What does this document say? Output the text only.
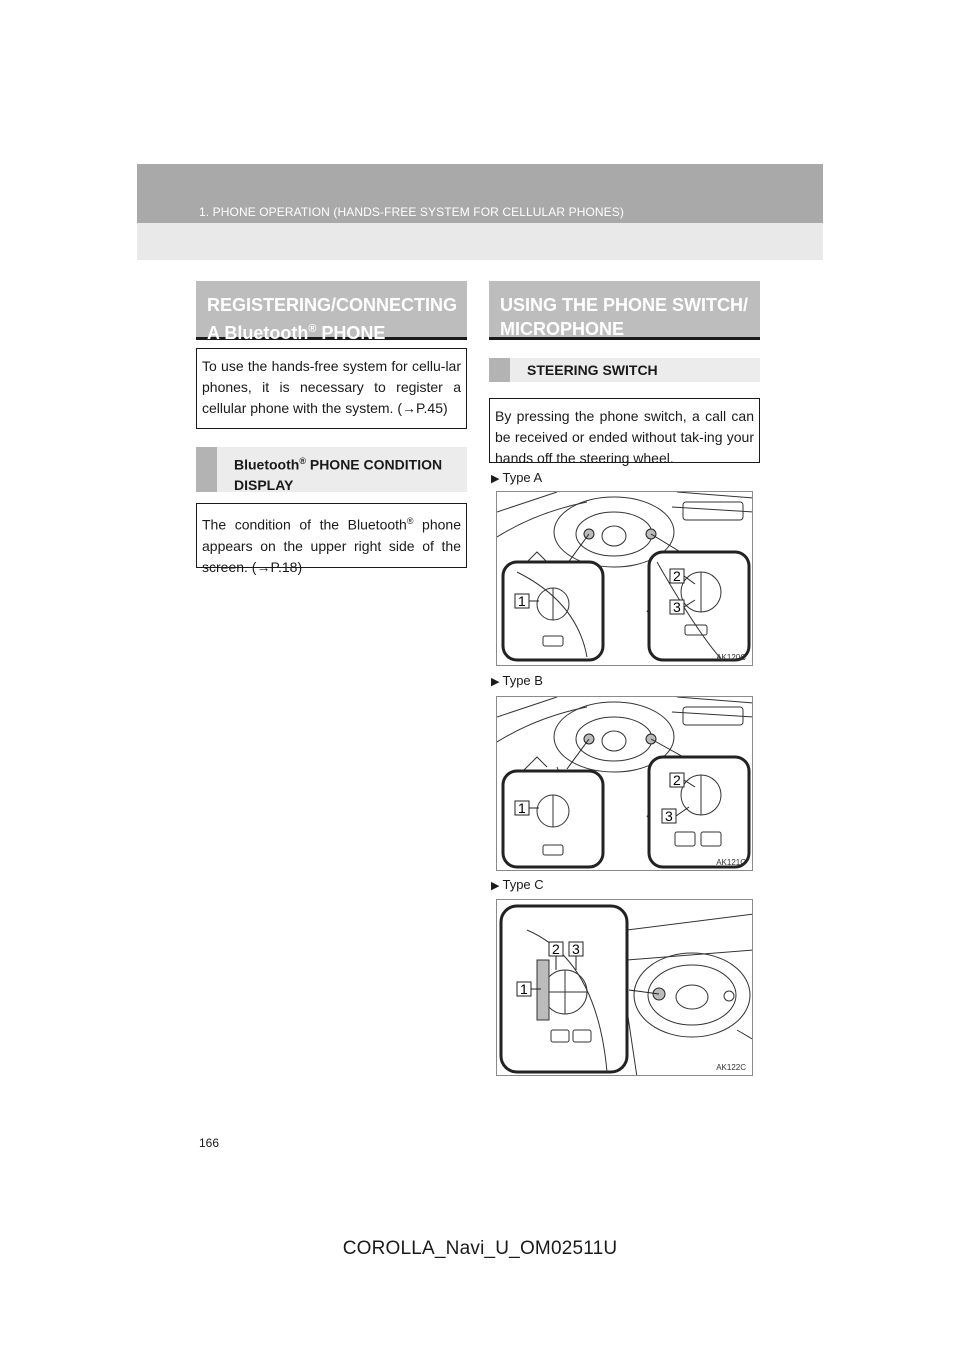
1. PHONE OPERATION (HANDS-FREE SYSTEM FOR CELLULAR PHONES)
REGISTERING/CONNECTING
A Bluetooth® PHONE
To use the hands-free system for cellu-lar phones, it is necessary to register a cellular phone with the system. (→P.45)
Bluetooth® PHONE CONDITION
DISPLAY
The condition of the Bluetooth® phone appears on the upper right side of the screen. (→P.18)
USING THE PHONE SWITCH/
MICROPHONE
STEERING SWITCH
By pressing the phone switch, a call can be received or ended without tak-ing your hands off the steering wheel.
▶ Type A
1
2
3
AK120C
▶ Type B
1
2
3
AK121C
▶ Type C
1
2 3
AK122C
166
COROLLA_Navi_U_OM02511U
